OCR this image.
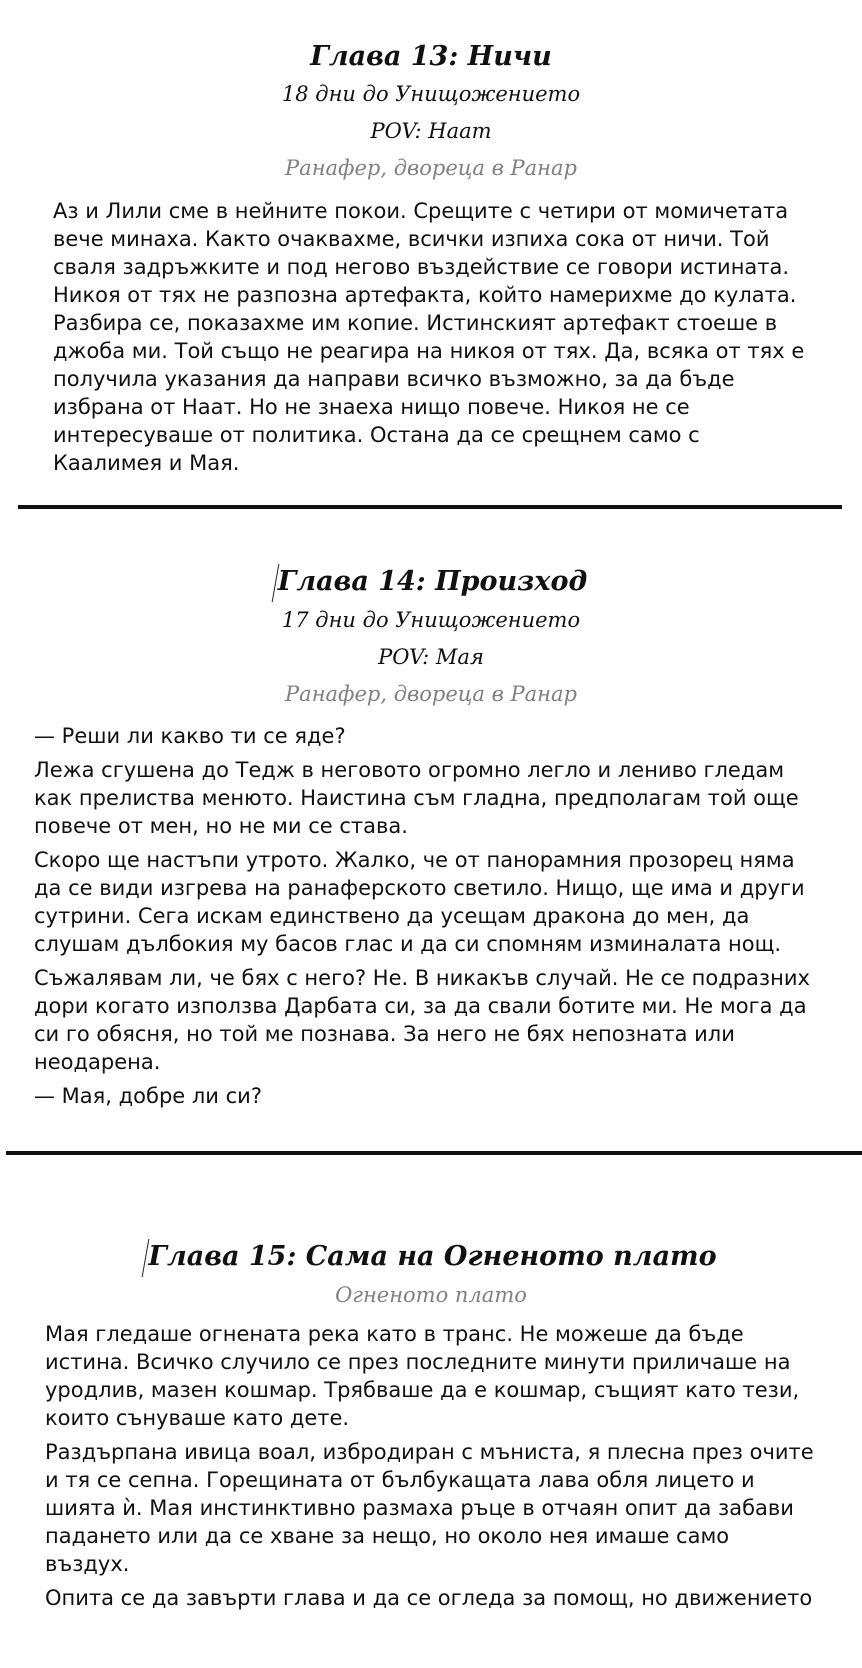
Глава 13: Ничи

18 дни до Унищожението

POV: Наат

Ранафер, двореца в Ранар

Аз и Лили сме в нейните покои. Срещите с четири от момичетата вече минаха. Както очаквахме, всички изпиха сока от ничи. Той сваля задръжките и под негово въздействие се говори истината. Никоя от тях не разпозна артефакта, който намерихме до кулата. Разбира се, показахме им копие. Истинският артефакт стоеше в джоба ми. Той също не реагира на никоя от тях. Да, всяка от тях е получила указания да направи всичко възможно, за да бъде избрана от Наат. Но не знаеха нищо повече. Никоя не се интересуваше от политика. Остана да се срещнем само с Каалимея и Мая.

Глава 14: Произход

17 дни до Унищожението

POV: Мая

Ранафер, двореца в Ранар

— Реши ли какво ти се яде?

Лежа сгушена до Тедж в неговото огромно легло и лениво гледам как прелиства менюто. Наистина съм гладна, предполагам той още повече от мен, но не ми се става.

Скоро ще настъпи утрото. Жалко, че от панорамния прозорец няма да се види изгрева на ранаферското светило. Нищо, ще има и други сутрини. Сега искам единствено да усещам дракона до мен, да слушам дълбокия му басов глас и да си спомням изминалата нощ.

Съжалявам ли, че бях с него? Не. В никакъв случай. Не се подразних дори когато използва Дарбата си, за да свали ботите ми. Не мога да си го обясня, но той ме познава. За него не бях непозната или неодарена.

— Мая, добре ли си?

Глава 15: Сама на Огненото плато

Огненото плато

Мая гледаше огнената река като в транс. Не можеше да бъде истина. Всичко случило се през последните минути приличаше на уродлив, мазен кошмар. Трябваше да е кошмар, същият като тези, които сънуваше като дете.

Раздърпана ивица воал, избродиран с мъниста, я плесна през очите и тя се сепна. Горещината от бълбукащата лава обля лицето и шията ѝ. Мая инстинктивно размаха ръце в отчаян опит да забави падането или да се хване за нещо, но около нея имаше само въздух.

Опита се да завърти глава и да се огледа за помощ, но движението
